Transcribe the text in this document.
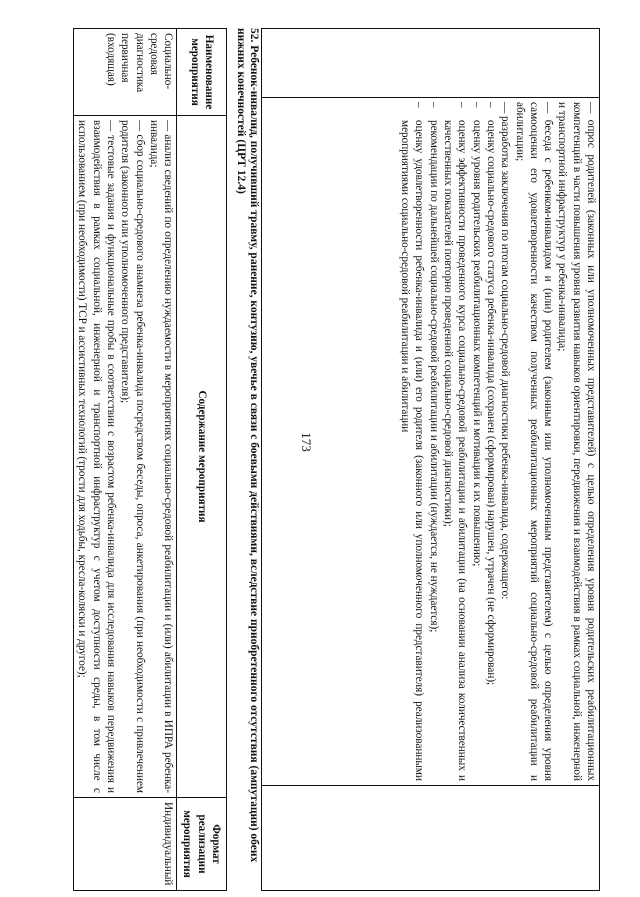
173
		— опрос родителей (законных или уполномоченных представителей) с целью определения уровня родительских реабилитационных компетенций в части повышения уровня развития навыков ориентировки, передвижения и взаимодействия в рамках социальной, инженерной и транспортной инфраструктур у ребенка-инвалида;
— беседа с ребенком-инвалидом и (или) родителем (законным или уполномоченным представителем) с целью определения уровня самооценки его удовлетворенности качеством полученных реабилитационных мероприятий социально-средовой реабилитации и абилитации;
— разработка заключения по итогам социально-средовой диагностики ребенка-инвалида, содержащего:
–
оценку социально-средового статуса ребенка-инвалида (сохранен (сформирован) нарушен, утрачен (не сформирован);
–
оценку уровня родительских реабилитационных компетенций и мотивации к их повышению;
–
оценку эффективности проведенного курса социально-средовой реабилитации и абилитации (на основании анализа количественных и качественных показателей повторно проведенной социально-средовой диагностики);
–
рекомендации по дальнейшей социально-средовой реабилитации и абилитации (нуждается, не нуждается);
–
оценку удовлетворенности ребенка-инвалида и (или) его родителя (законного или уполномоченного представителя) реализованными мероприятиями социально-средовой реабилитации и абилитации

52. Ребенок-инвалид, получивший травму, ранение, контузию, увечье в связи с боевыми действиями, вследствие приобретенного отсутствия (ампутации) обеих нижних конечностей (ЦРТ 12.4)
Наименование мероприятия	Содержание мероприятия	Формат реализации мероприятия
Социально-средовая диагностика первичная (входящая)	— анализ сведений по определению нуждаемости в мероприятиях социально-средовой реабилитации и (или) абилитации в ИПРА ребенка-инвалида;
— сбор социально-средового анамнеза ребенка-инвалида посредством беседы, опроса, анкетирования (при необходимости с привлечением родителя (законного или уполномоченного представителя);
— тестовые задания и функциональные пробы в соответствии с возрастом ребенка-инвалида для исследования навыков передвижения и взаимодействия в рамках социальной, инженерной и транспортной инфраструктур с учетом доступности среды, в том числе с использованием (при необходимости) ТСР и ассистивных технологий (трости для ходьбы, кресла-коляски и другое);	Индивидуальный
